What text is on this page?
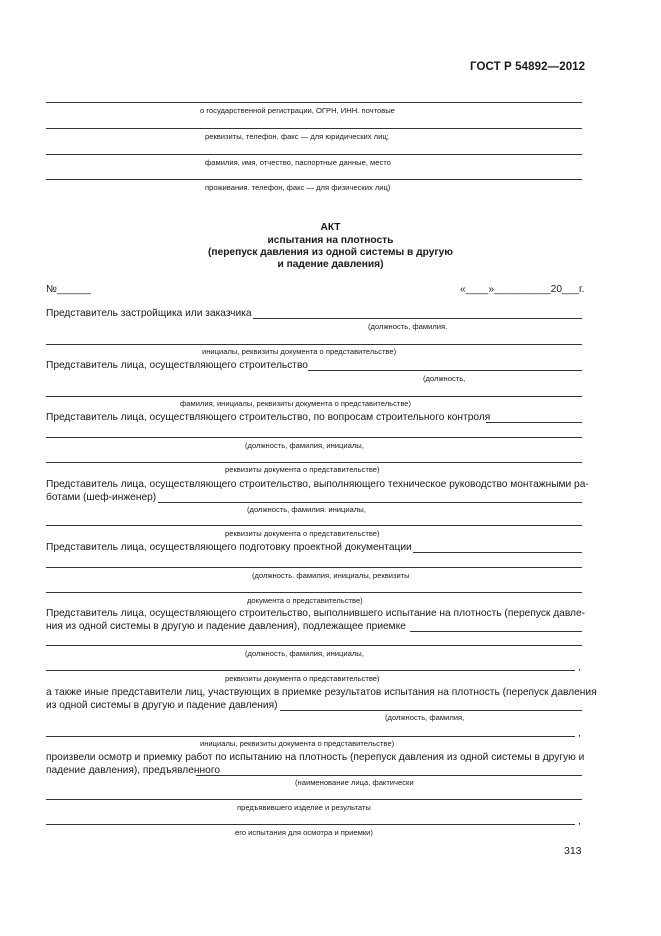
ГОСТ Р 54892—2012
о государственной регистрации, ОГРН, ИНН. почтовые
реквизиты, телефон, факс — для юридических лиц;
фамилия, имя, отчество, паспортные данные, место
проживания. телефон, факс — для физических лиц)
АКТ
испытания на плотность
(перепуск давления из одной системы в другую
и падение давления)
№______	«____»__________20___г.
Представитель застройщика или заказчика
(должность, фамилия.
инициалы, реквизиты документа о представительстве)
Представитель лица, осуществляющего строительство
(должность,
фамилия, инициалы, реквизиты документа о представительстве)
Представитель лица, осуществляющего строительство, по вопросам строительного контроля
(должность, фамилия, инициалы,
реквизиты документа о представительстве)
Представитель лица, осуществляющего строительство, выполняющего техническое руководство монтажными ра-
ботами (шеф-инженер)
(должность, фамилия. инициалы,
реквизиты документа о представительстве)
Представитель лица, осуществляющего подготовку проектной документации
(должность. фамилия, инициалы, реквизиты
документа о представительстве)
Представитель лица, осуществляющего строительство, выполнившего испытание на плотность (перепуск давле-
ния из одной системы в другую и падение давления), подлежащее приемке
(должность, фамилия, инициалы,
,
реквизиты документа о представительстве)
а также иные представители лиц, участвующих в приемке результатов испытания на плотность (перепуск давления
из одной системы в другую и падение давления)
(должность, фамилия,
,
инициалы, реквизиты документа о представительстве)
произвели осмотр и приемку работ по испытанию на плотность (перепуск давления из одной системы в другую и
падение давления), предъявленного
(наименование лица, фактически
предъявившего изделие и результаты
,
его испытания для осмотра и приемки)
313
